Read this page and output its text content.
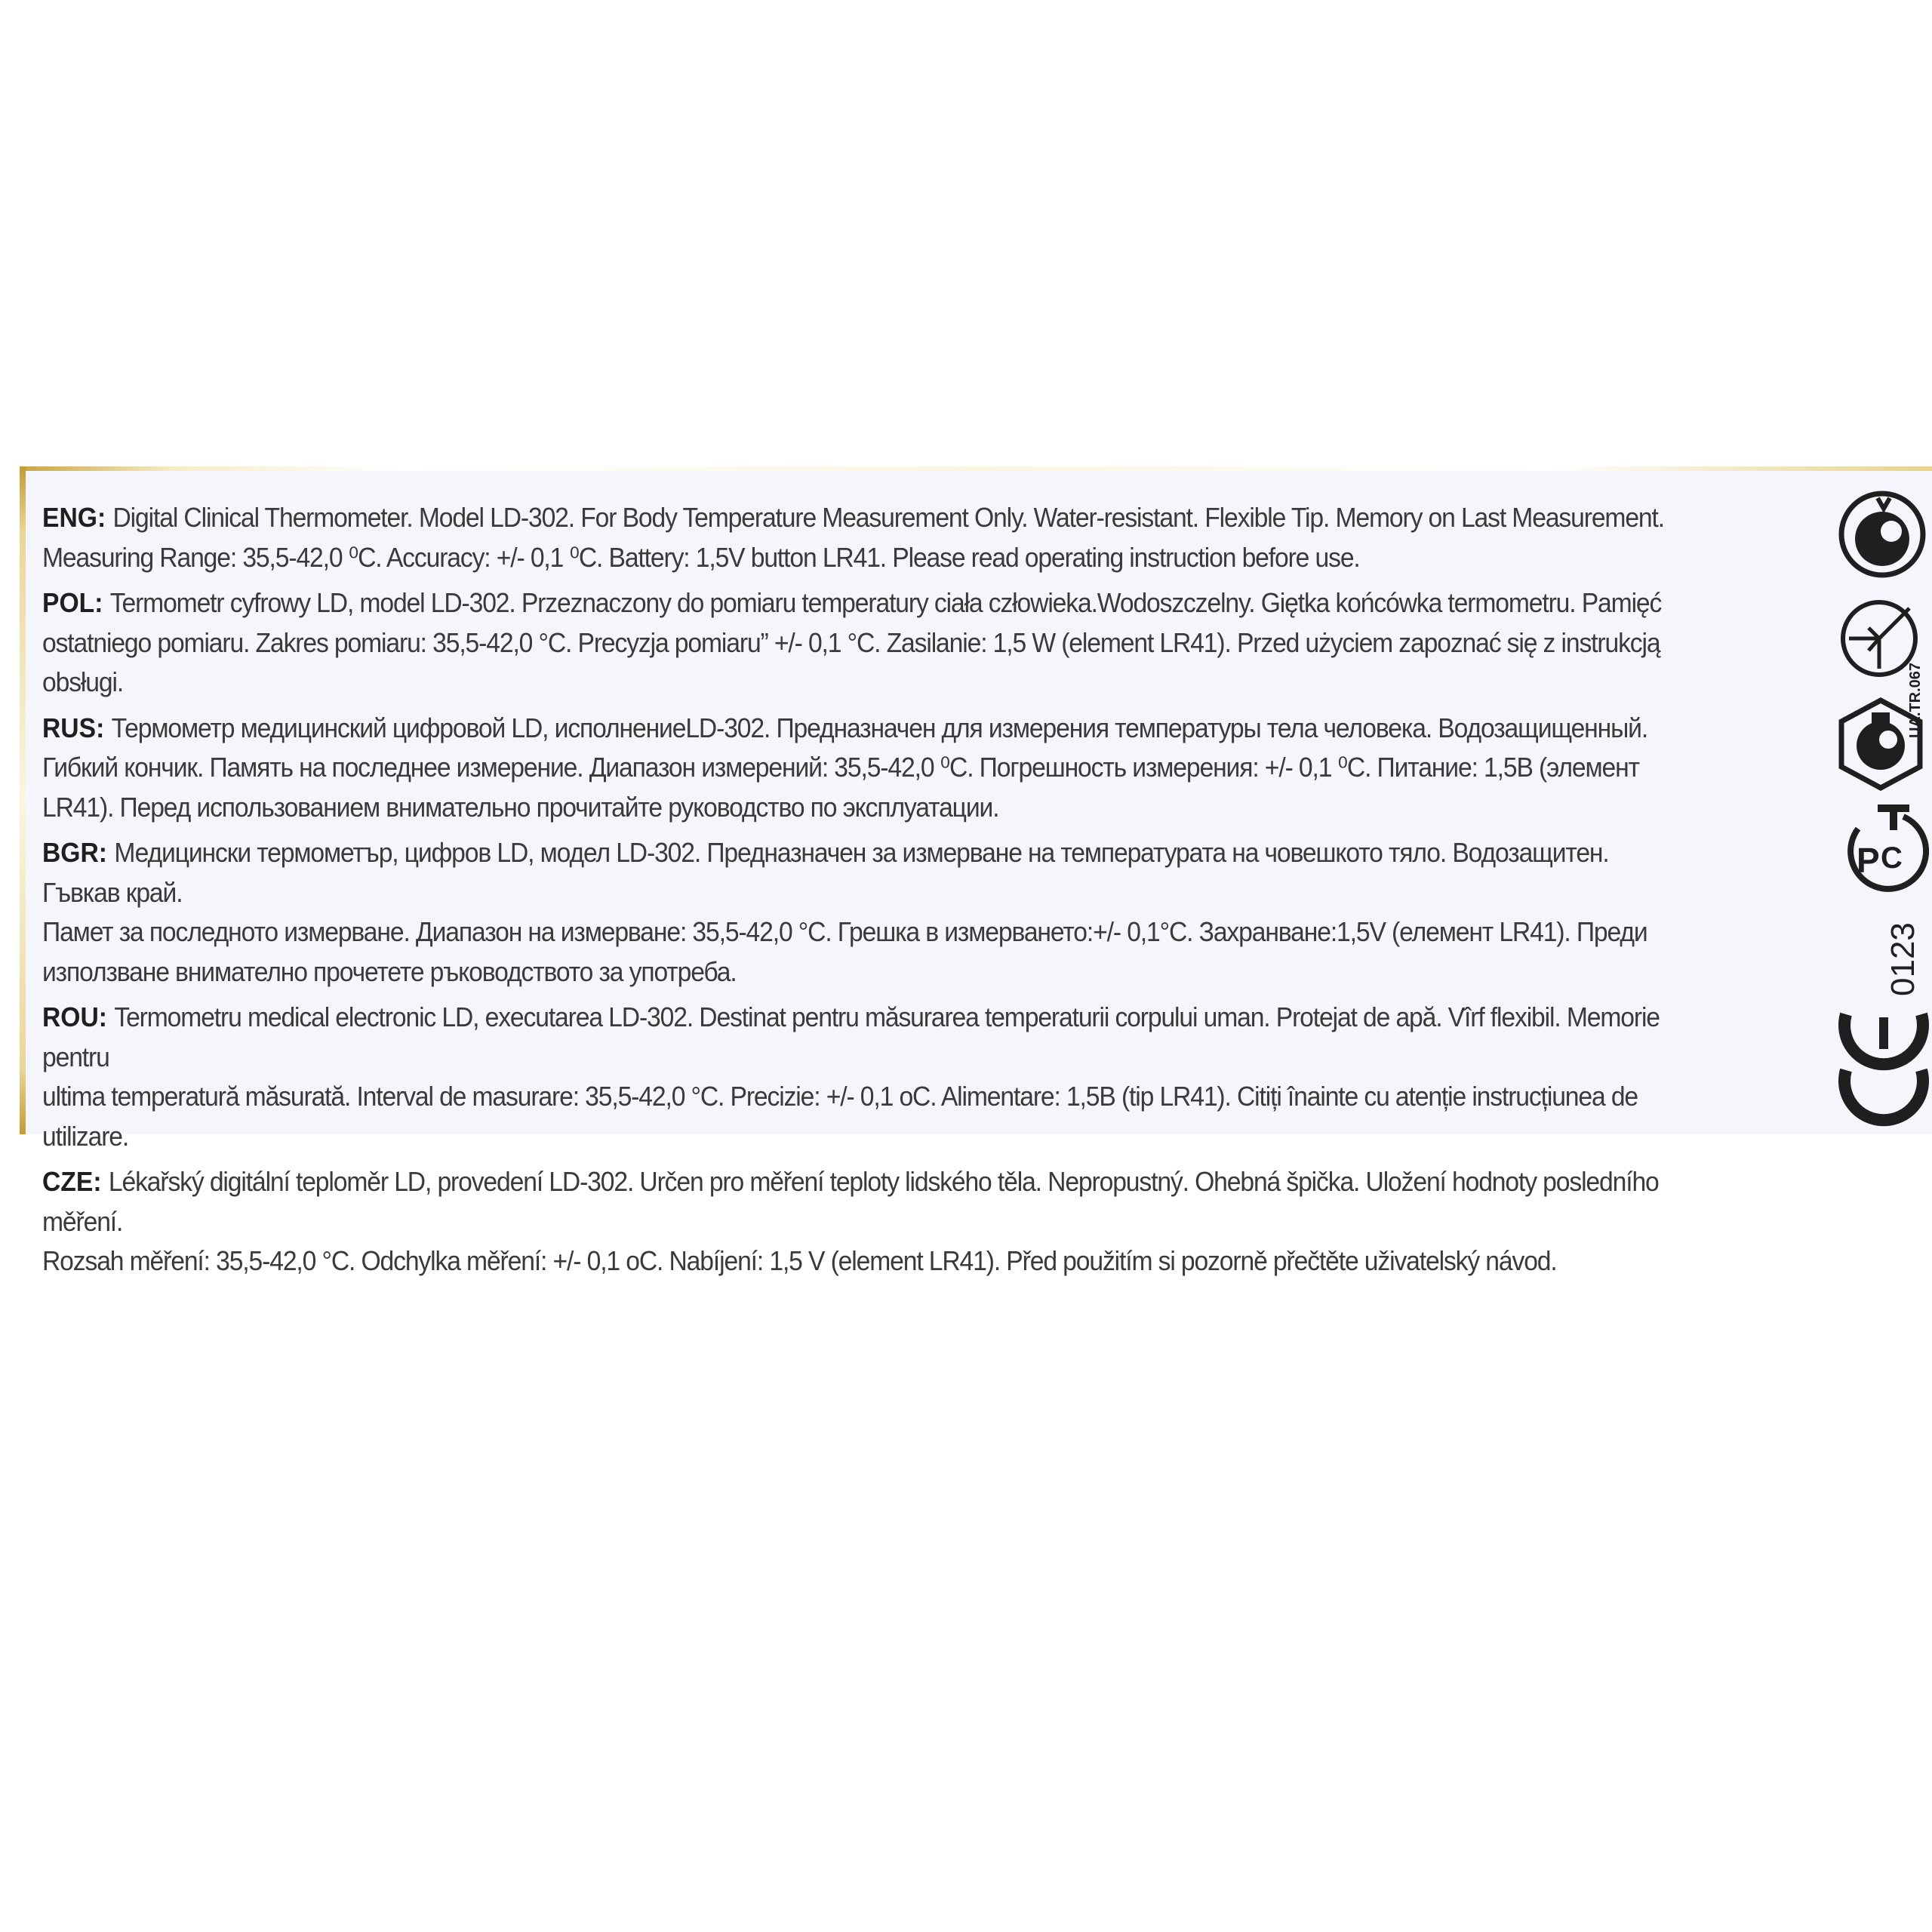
ENG: Digital Clinical Thermometer. Model LD-302. For Body Temperature Measurement Only. Water-resistant. Flexible Tip. Memory on Last Measurement.
Measuring Range: 35,5-42,0 ⁰C. Accuracy: +/- 0,1 ⁰C. Battery: 1,5V button LR41. Please read operating instruction before use.
POL: Termometr cyfrowy LD, model LD-302. Przeznaczony do pomiaru temperatury ciała człowieka.Wodoszczelny. Giętka końcówka termometru. Pamięć
ostatniego pomiaru. Zakres pomiaru: 35,5-42,0 °C. Precyzja pomiaru” +/- 0,1 °C. Zasilanie: 1,5 W (element LR41). Przed użyciem zapoznać się z instrukcją obsługi.
RUS: Термометр медицинский цифровой LD, исполнениеLD-302. Предназначен для измерения температуры тела человека. Водозащищенный.
Гибкий кончик. Память на последнее измерение. Диапазон измерений: 35,5-42,0 ⁰C. Погрешность измерения: +/- 0,1 ⁰C. Питание: 1,5В (элемент
LR41). Перед использованием внимательно прочитайте руководство по эксплуатации.
BGR: Медицински термометър, цифров LD, модел LD-302. Предназначен за измерване на температурата на човешкото тяло. Водозащитен. Гъвкав край.
Памет за последното измерване. Диапазон на измерване: 35,5-42,0 °C. Грешка в измерването:+/- 0,1°C. Захранване:1,5V (елемент LR41). Преди
използване внимателно прочетете ръководството за употреба.
ROU: Termometru medical electronic LD, executarea LD-302. Destinat pentru măsurarea temperaturii corpului uman. Protejat de apă. Vîrf flexibil. Memorie pentru
ultima temperatură măsurată. Interval de masurare: 35,5-42,0 °C. Precizie: +/- 0,1 oC. Alimentare: 1,5B (tip LR41). Citiți înainte cu atenție instrucțiunea de utilizare.
CZE: Lékařský digitální teploměr LD, provedení LD-302. Určen pro měření teploty lidského těla. Nepropustný. Ohebná špička. Uložení hodnoty posledního měření.
Rozsah měření: 35,5-42,0 °C. Odchylka měření: +/- 0,1 oC. Nabíjení: 1,5 V (element LR41). Před použitím si pozorně přečtěte uživatelský návod.
P C
0123
UA.TR.067
